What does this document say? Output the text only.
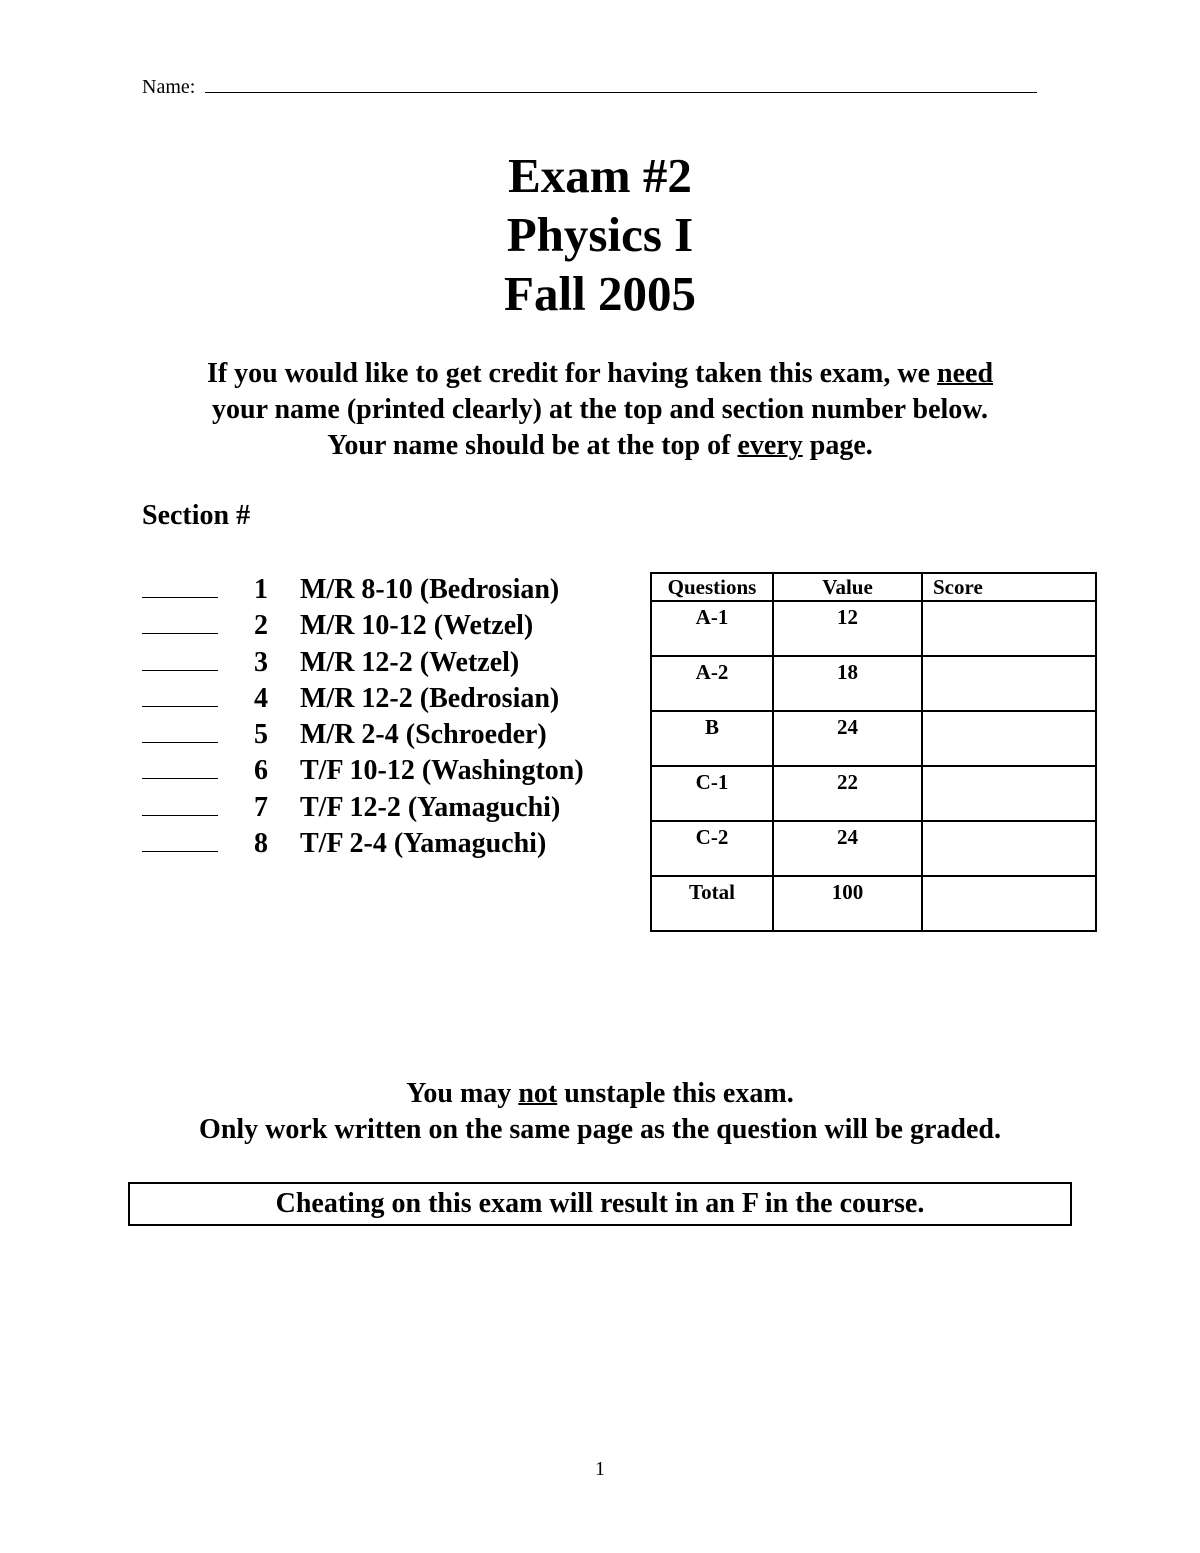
Name:
Exam #2
Physics I
Fall 2005
If you would like to get credit for having taken this exam, we need
your name (printed clearly) at the top and section number below.
Your name should be at the top of every page.
Section #
1 M/R 8-10 (Bedrosian)
2 M/R 10-12 (Wetzel)
3 M/R 12-2 (Wetzel)
4 M/R 12-2 (Bedrosian)
5 M/R 2-4 (Schroeder)
6 T/F 10-12 (Washington)
7 T/F 12-2 (Yamaguchi)
8 T/F 2-4 (Yamaguchi)
Questions	Value	Score
A-1	12	
A-2	18	
B	24	
C-1	22	
C-2	24	
Total	100	
You may not unstaple this exam.
Only work written on the same page as the question will be graded.
Cheating on this exam will result in an F in the course.
1
